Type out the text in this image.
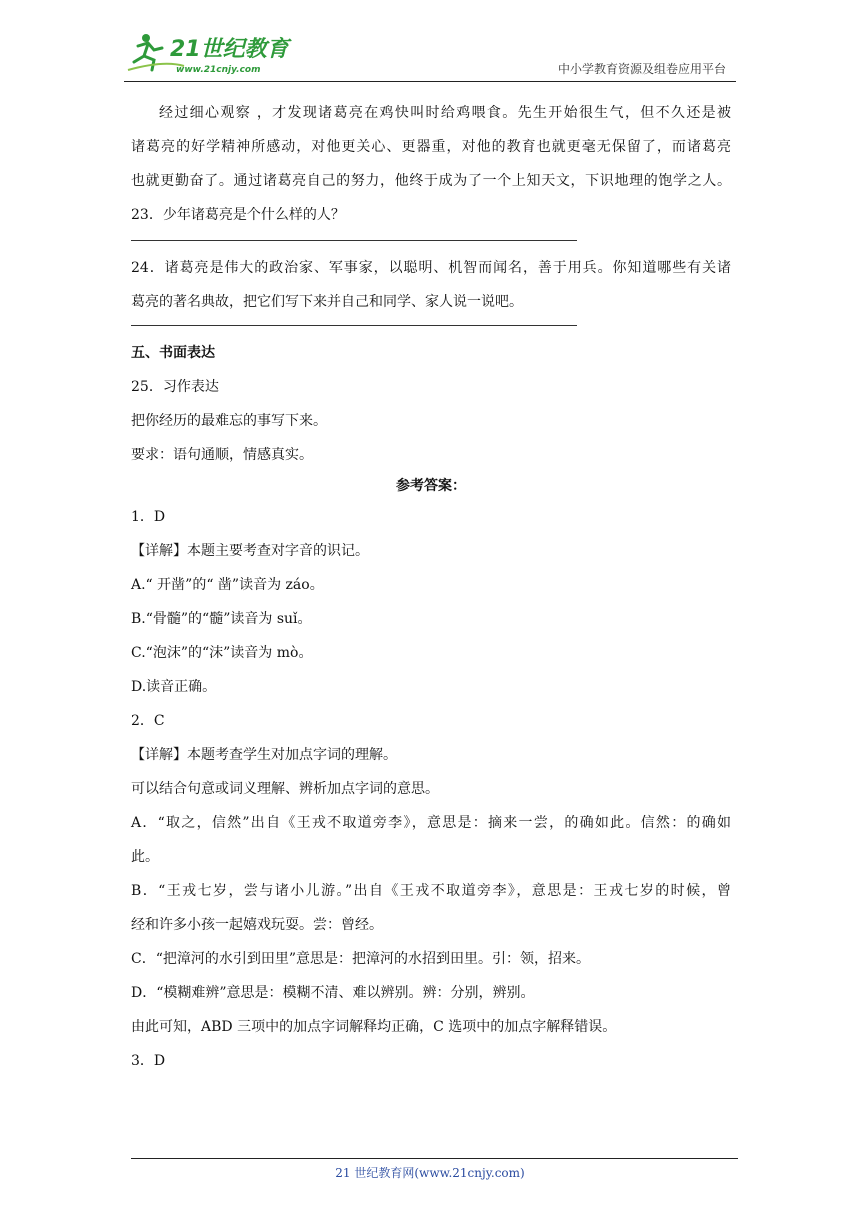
21世纪教育
www.21cnjy.com	中小学教育资源及组卷应用平台
经过细心观察 ，才发现诸葛亮在鸡快叫时给鸡喂食。先生开始很生气，但不久还是被
诸葛亮的好学精神所感动，对他更关心、更器重，对他的教育也就更毫无保留了，而诸葛亮
也就更勤奋了。通过诸葛亮自己的努力，他终于成为了一个上知天文，下识地理的饱学之人。
23．少年诸葛亮是个什么样的人？
24．诸葛亮是伟大的政治家、军事家，以聪明、机智而闻名，善于用兵。你知道哪些有关诸
葛亮的著名典故，把它们写下来并自己和同学、家人说一说吧。
五、书面表达
25．习作表达
把你经历的最难忘的事写下来。
要求：语句通顺，情感真实。
参考答案：
1．D
【详解】本题主要考查对字音的识记。
A.“ 开凿”的“ 凿”读音为 záo。
B.“骨髓”的“髓”读音为 suǐ。
C.“泡沫”的“沫”读音为 mò。
D.读音正确。
2．C
【详解】本题考查学生对加点字词的理解。
可以结合句意或词义理解、辨析加点字词的意思。
A．“取之，信然”出自《王戎不取道旁李》，意思是：摘来一尝，的确如此。信然：的确如
此。
B．“王戎七岁，尝与诸小儿游。”出自《王戎不取道旁李》，意思是：王戎七岁的时候，曾
经和许多小孩一起嬉戏玩耍。尝：曾经。
C．“把漳河的水引到田里”意思是：把漳河的水招到田里。引：领，招来。
D．“模糊难辨”意思是：模糊不清、难以辨别。辨：分别，辨别。
由此可知，ABD 三项中的加点字词解释均正确，C 选项中的加点字解释错误。
3．D
21 世纪教育网(www.21cnjy.com)
